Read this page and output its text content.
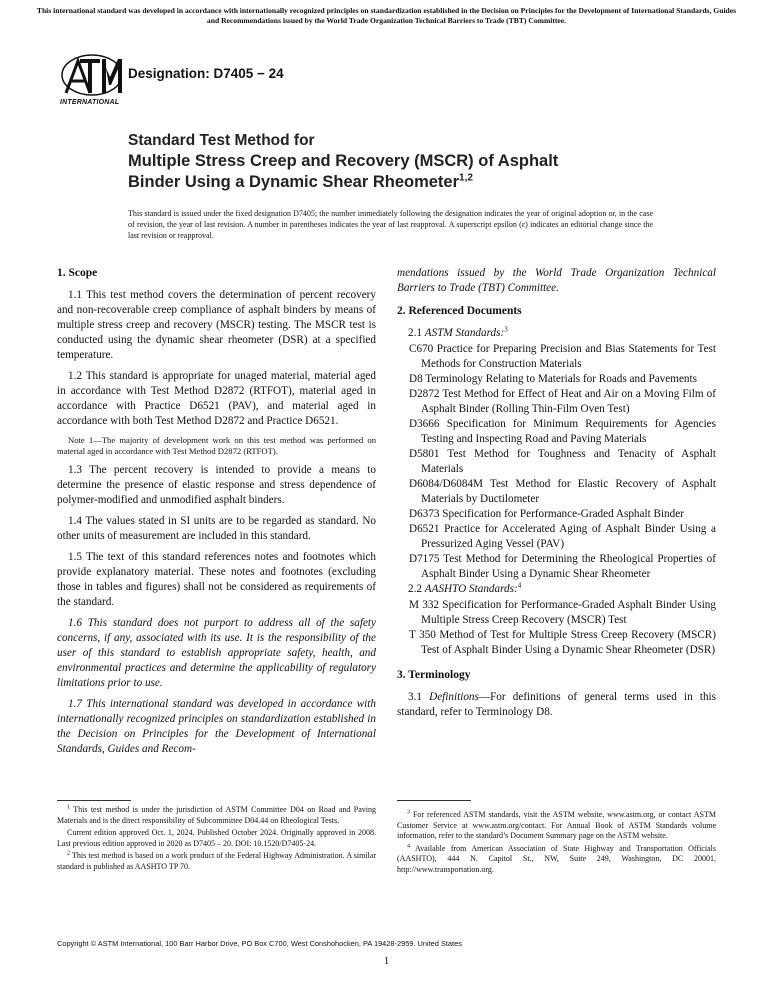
This international standard was developed in accordance with internationally recognized principles on standardization established in the Decision on Principles for the Development of International Standards, Guides and Recommendations issued by the World Trade Organization Technical Barriers to Trade (TBT) Committee.
INTERNATIONAL
Designation: D7405 − 24
Standard Test Method for
Multiple Stress Creep and Recovery (MSCR) of Asphalt
Binder Using a Dynamic Shear Rheometer$^{1,2}$
This standard is issued under the fixed designation D7405; the number immediately following the designation indicates the year of original adoption or, in the case of revision, the year of last revision. A number in parentheses indicates the year of last reapproval. A superscript epsilon (ε) indicates an editorial change since the last revision or reapproval.
1. Scope

1.1 This test method covers the determination of percent recovery and non-recoverable creep compliance of asphalt binders by means of multiple stress creep and recovery (MSCR) testing. The MSCR test is conducted using the dynamic shear rheometer (DSR) at a specified temperature.

1.2 This standard is appropriate for unaged material, material aged in accordance with Test Method D2872 (RTFOT), material aged in accordance with Practice D6521 (PAV), and material aged in accordance with both Test Method D2872 and Practice D6521.

Note 1—The majority of development work on this test method was performed on material aged in accordance with Test Method D2872 (RTFOT).

1.3 The percent recovery is intended to provide a means to determine the presence of elastic response and stress dependence of polymer-modified and unmodified asphalt binders.

1.4 The values stated in SI units are to be regarded as standard. No other units of measurement are included in this standard.

1.5 The text of this standard references notes and footnotes which provide explanatory material. These notes and footnotes (excluding those in tables and figures) shall not be considered as requirements of the standard.

1.6 This standard does not purport to address all of the safety concerns, if any, associated with its use. It is the responsibility of the user of this standard to establish appropriate safety, health, and environmental practices and determine the applicability of regulatory limitations prior to use.

1.7 This international standard was developed in accordance with internationally recognized principles on standardization established in the Decision on Principles for the Development of International Standards, Guides and Recom-

mendations issued by the World Trade Organization Technical Barriers to Trade (TBT) Committee.

2. Referenced Documents
2.1 ASTM Standards:$^3$
C670 Practice for Preparing Precision and Bias Statements for Test Methods for Construction Materials
D8 Terminology Relating to Materials for Roads and Pavements
D2872 Test Method for Effect of Heat and Air on a Moving Film of Asphalt Binder (Rolling Thin-Film Oven Test)
D3666 Specification for Minimum Requirements for Agencies Testing and Inspecting Road and Paving Materials
D5801 Test Method for Toughness and Tenacity of Asphalt Materials
D6084/D6084M Test Method for Elastic Recovery of Asphalt Materials by Ductilometer
D6373 Specification for Performance-Graded Asphalt Binder
D6521 Practice for Accelerated Aging of Asphalt Binder Using a Pressurized Aging Vessel (PAV)
D7175 Test Method for Determining the Rheological Properties of Asphalt Binder Using a Dynamic Shear Rheometer
2.2 AASHTO Standards:$^4$
M 332 Specification for Performance-Graded Asphalt Binder Using Multiple Stress Creep Recovery (MSCR) Test
T 350 Method of Test for Multiple Stress Creep Recovery (MSCR) Test of Asphalt Binder Using a Dynamic Shear Rheometer (DSR)
3. Terminology

3.1 Definitions—For definitions of general terms used in this standard, refer to Terminology D8.

$^1$ This test method is under the jurisdiction of ASTM Committee D04 on Road and Paving Materials and is the direct responsibility of Subcommittee D04.44 on Rheological Tests.

Current edition approved Oct. 1, 2024. Published October 2024. Originally approved in 2008. Last previous edition approved in 2020 as D7405 – 20. DOI: 10.1520/D7405-24.

$^2$ This test method is based on a work product of the Federal Highway Administration. A similar standard is published as AASHTO TP 70.

$^3$ For referenced ASTM standards, visit the ASTM website, www.astm.org, or contact ASTM Customer Service at www.astm.org/contact. For Annual Book of ASTM Standards volume information, refer to the standard’s Document Summary page on the ASTM website.

$^4$ Available from American Association of State Highway and Transportation Officials (AASHTO), 444 N. Capitol St., NW, Suite 249, Washington, DC 20001, http://www.transportation.org.

Copyright © ASTM International, 100 Barr Harbor Drive, PO Box C700, West Conshohocken, PA 19428-2959. United States
1
